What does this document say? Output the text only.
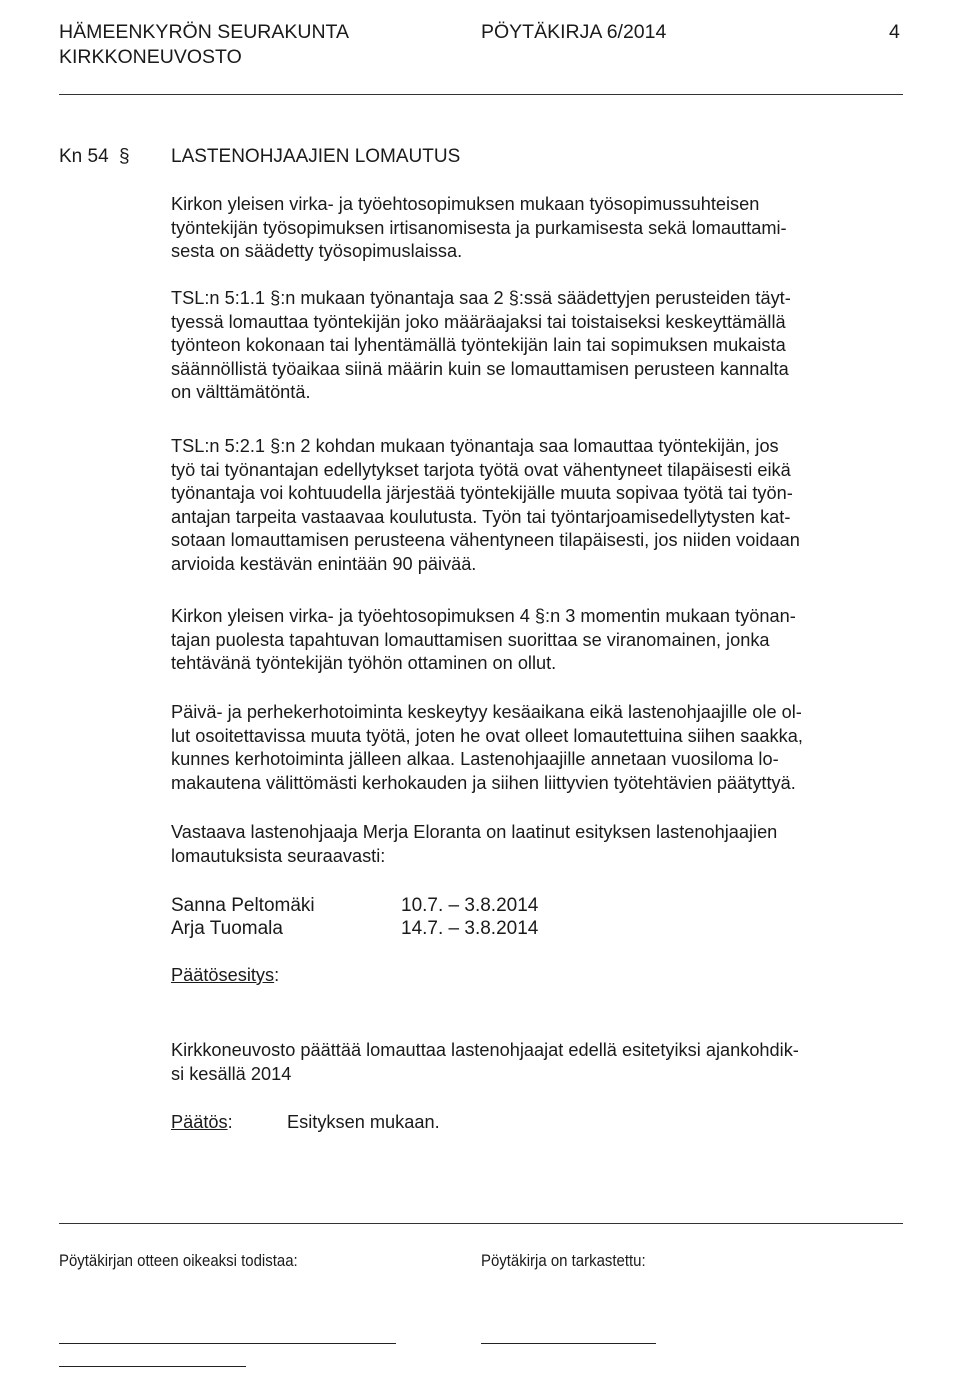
HÄMEENKYRÖN SEURAKUNTA
KIRKKONEUVOSTO
PÖYTÄKIRJA 6/2014	4
Kn 54 § LASTENOHJAAJIEN LOMAUTUS
Kirkon yleisen virka- ja työehtosopimuksen mukaan työsopimussuhteisen
työntekijän työsopimuksen irtisanomisesta ja purkamisesta sekä lomauttami-
sesta on säädetty työsopimuslaissa.
TSL:n 5:1.1 §:n mukaan työnantaja saa 2 §:ssä säädettyjen perusteiden täyt-
tyessä lomauttaa työntekijän joko määräajaksi tai toistaiseksi keskeyttämällä
työnteon kokonaan tai lyhentämällä työntekijän lain tai sopimuksen mukaista
säännöllistä työaikaa siinä määrin kuin se lomauttamisen perusteen kannalta
on välttämätöntä.
TSL:n 5:2.1 §:n 2 kohdan mukaan työnantaja saa lomauttaa työntekijän, jos
työ tai työnantajan edellytykset tarjota työtä ovat vähentyneet tilapäisesti eikä
työnantaja voi kohtuudella järjestää työntekijälle muuta sopivaa työtä tai työn-
antajan tarpeita vastaavaa koulutusta. Työn tai työntarjoamisedellytysten kat-
sotaan lomauttamisen perusteena vähentyneen tilapäisesti, jos niiden voidaan
arvioida kestävän enintään 90 päivää.
Kirkon yleisen virka- ja työehtosopimuksen 4 §:n 3 momentin mukaan työnan-
tajan puolesta tapahtuvan lomauttamisen suorittaa se viranomainen, jonka
tehtävänä työntekijän työhön ottaminen on ollut.
Päivä- ja perhekerhotoiminta keskeytyy kesäaikana eikä lastenohjaajille ole ol-
lut osoitettavissa muuta työtä, joten he ovat olleet lomautettuina siihen saakka,
kunnes kerhotoiminta jälleen alkaa. Lastenohjaajille annetaan vuosiloma lo-
makautena välittömästi kerhokauden ja siihen liittyvien työtehtävien päätyttyä.
Vastaava lastenohjaaja Merja Eloranta on laatinut esityksen lastenohjaajien
lomautuksista seuraavasti:
Sanna Peltomäki	10.7. – 3.8.2014
Arja Tuomala	14.7. – 3.8.2014
Päätösesitys:
Kirkkoneuvosto päättää lomauttaa lastenohjaajat edellä esitetyiksi ajankohdik-
si kesällä 2014
Päätös:	Esityksen mukaan.
Pöytäkirjan otteen oikeaksi todistaa:	Pöytäkirja on tarkastettu:
